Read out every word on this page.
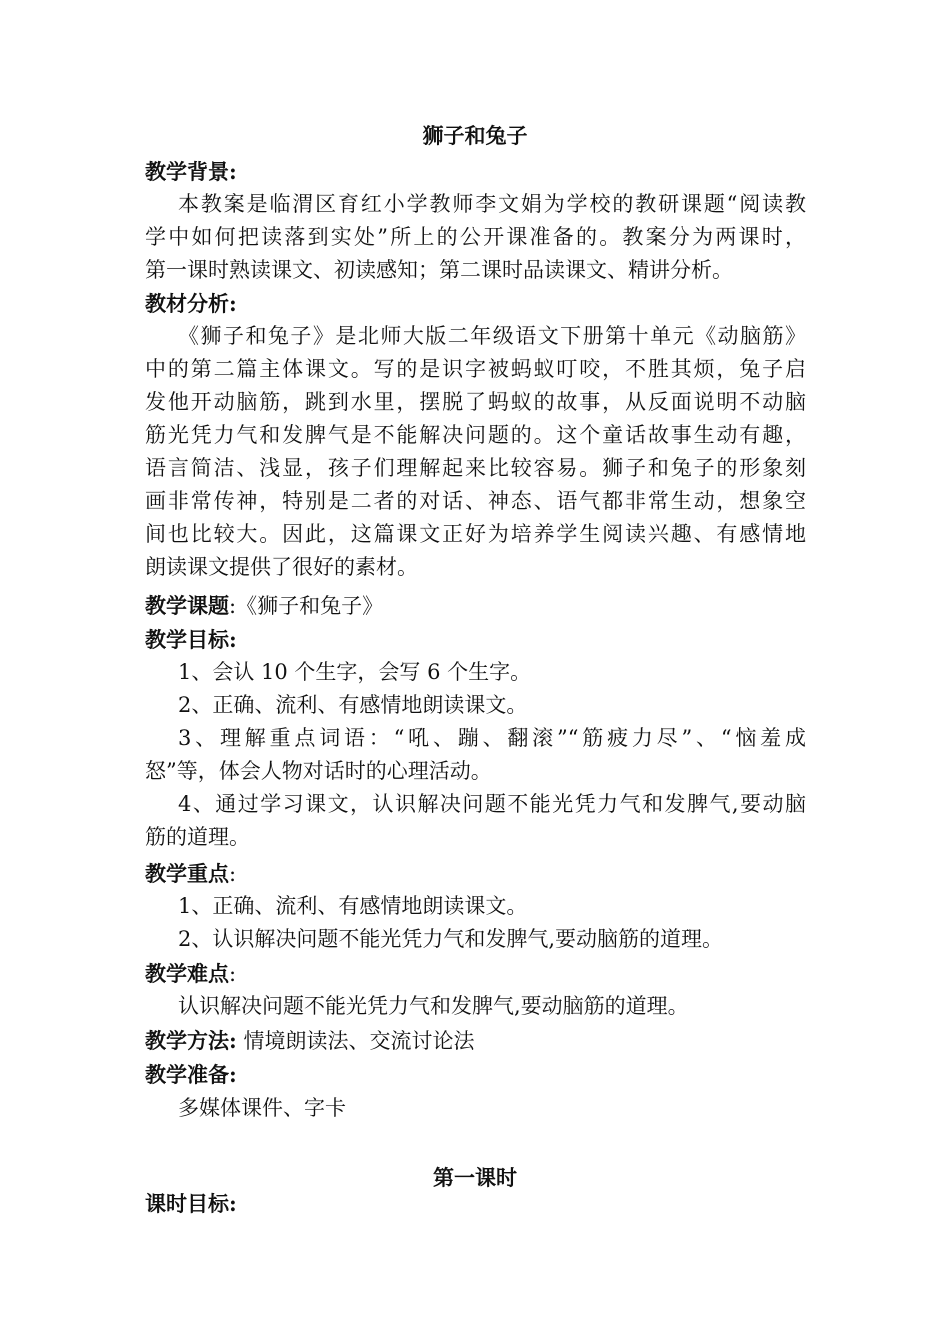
狮子和兔子
教学背景:
本教案是临渭区育红小学教师李文娟为学校的教研课题“阅读教
学中如何把读落到实处”所上的公开课准备的。教案分为两课时，
第一课时熟读课文、初读感知；第二课时品读课文、精讲分析。
教材分析:
《狮子和兔子》是北师大版二年级语文下册第十单元《动脑筋》
中的第二篇主体课文。写的是识字被蚂蚁叮咬，不胜其烦，兔子启
发他开动脑筋，跳到水里，摆脱了蚂蚁的故事，从反面说明不动脑
筋光凭力气和发脾气是不能解决问题的。这个童话故事生动有趣，
语言简洁、浅显，孩子们理解起来比较容易。狮子和兔子的形象刻
画非常传神，特别是二者的对话、神态、语气都非常生动，想象空
间也比较大。因此，这篇课文正好为培养学生阅读兴趣、有感情地
朗读课文提供了很好的素材。
教学课题:《狮子和兔子》
教学目标:
1、会认 10 个生字，会写 6 个生字。
2、正确、流利、有感情地朗读课文。
3、理解重点词语：“吼、蹦、翻滚”“筋疲力尽”、“恼羞成
怒”等，体会人物对话时的心理活动。
4、通过学习课文，认识解决问题不能光凭力气和发脾气,要动脑
筋的道理。
教学重点:
1、正确、流利、有感情地朗读课文。
2、认识解决问题不能光凭力气和发脾气,要动脑筋的道理。
教学难点:
认识解决问题不能光凭力气和发脾气,要动脑筋的道理。
教学方法: 情境朗读法、交流讨论法
教学准备:
多媒体课件、字卡
第一课时
课时目标:
